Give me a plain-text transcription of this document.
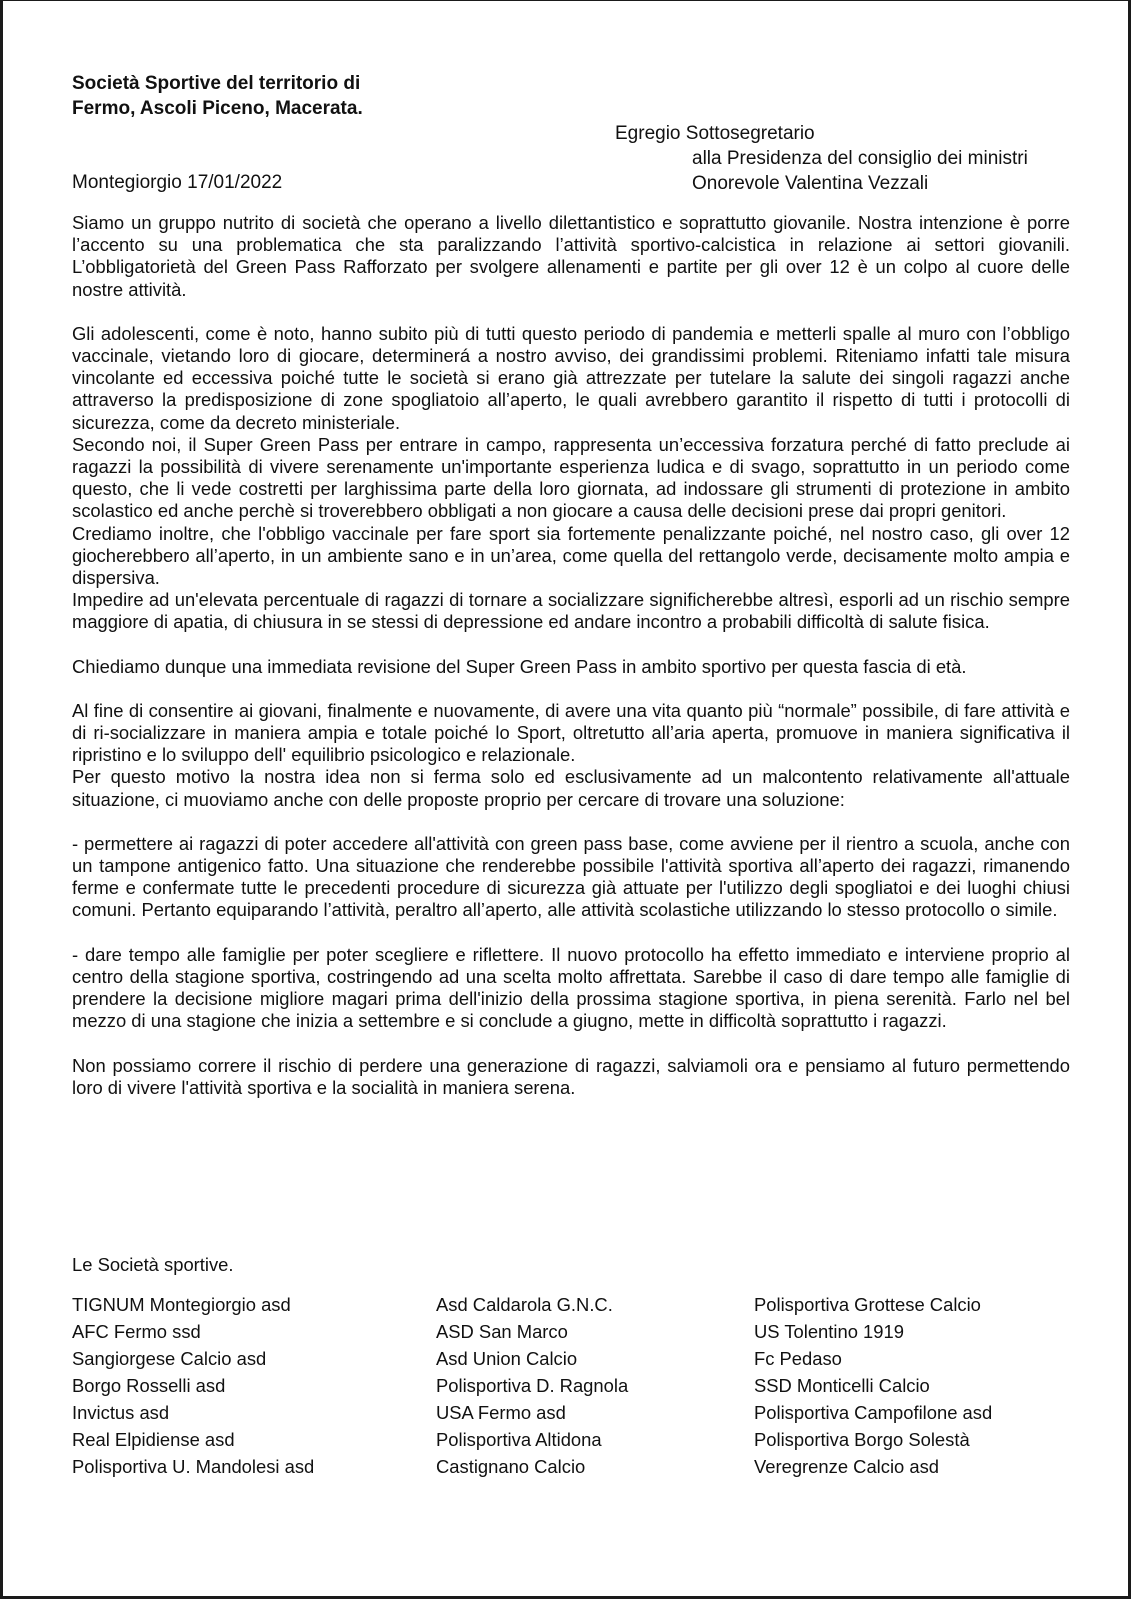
Società Sportive del territorio di
Fermo, Ascoli Piceno, Macerata.
Egregio Sottosegretario
alla Presidenza del consiglio dei ministri
Onorevole Valentina Vezzali
Montegiorgio 17/01/2022

Siamo un gruppo nutrito di società che operano a livello dilettantistico e soprattutto giovanile. Nostra intenzione è porre l’accento su una problematica che sta paralizzando l’attività sportivo-calcistica in relazione ai settori giovanili. L’obbligatorietà del Green Pass Rafforzato per svolgere allenamenti e partite per gli over 12 è un colpo al cuore delle nostre attività.

Gli adolescenti, come è noto, hanno subito più di tutti questo periodo di pandemia e metterli spalle al muro con l’obbligo vaccinale, vietando loro di giocare, determinerá a nostro avviso, dei grandissimi problemi. Riteniamo infatti tale misura vincolante ed eccessiva poiché tutte le società si erano già attrezzate per tutelare la salute dei singoli ragazzi anche attraverso la predisposizione di zone spogliatoio all’aperto, le quali avrebbero garantito il rispetto di tutti i protocolli di sicurezza, come da decreto ministeriale.

Secondo noi, il Super Green Pass per entrare in campo, rappresenta un’eccessiva forzatura perché di fatto preclude ai ragazzi la possibilità di vivere serenamente un'importante esperienza ludica e di svago, soprattutto in un periodo come questo, che li vede costretti per larghissima parte della loro giornata, ad indossare gli strumenti di protezione in ambito scolastico ed anche perchè si troverebbero obbligati a non giocare a causa delle decisioni prese dai propri genitori.

Crediamo inoltre, che l'obbligo vaccinale per fare sport sia fortemente penalizzante poiché, nel nostro caso, gli over 12 giocherebbero all’aperto, in un ambiente sano e in un’area, come quella del rettangolo verde, decisamente molto ampia e dispersiva.

Impedire ad un'elevata percentuale di ragazzi di tornare a socializzare significherebbe altresì, esporli ad un rischio sempre maggiore di apatia, di chiusura in se stessi di depressione ed andare incontro a probabili difficoltà di salute fisica.

Chiediamo dunque una immediata revisione del Super Green Pass in ambito sportivo per questa fascia di età.

Al fine di consentire ai giovani, finalmente e nuovamente, di avere una vita quanto più “normale” possibile, di fare attività e di ri-socializzare in maniera ampia e totale poiché lo Sport, oltretutto all’aria aperta, promuove in maniera significativa il ripristino e lo sviluppo dell' equilibrio psicologico e relazionale.

Per questo motivo la nostra idea non si ferma solo ed esclusivamente ad un malcontento relativamente all'attuale situazione, ci muoviamo anche con delle proposte proprio per cercare di trovare una soluzione:

- permettere ai ragazzi di poter accedere all'attività con green pass base, come avviene per il rientro a scuola, anche con un tampone antigenico fatto. Una situazione che renderebbe possibile l'attività sportiva all’aperto dei ragazzi, rimanendo ferme e confermate tutte le precedenti procedure di sicurezza già attuate per l'utilizzo degli spogliatoi e dei luoghi chiusi comuni. Pertanto equiparando l’attività, peraltro all’aperto, alle attività scolastiche utilizzando lo stesso protocollo o simile.

- dare tempo alle famiglie per poter scegliere e riflettere. Il nuovo protocollo ha effetto immediato e interviene proprio al centro della stagione sportiva, costringendo ad una scelta molto affrettata. Sarebbe il caso di dare tempo alle famiglie di prendere la decisione migliore magari prima dell'inizio della prossima stagione sportiva, in piena serenità. Farlo nel bel mezzo di una stagione che inizia a settembre e si conclude a giugno, mette in difficoltà soprattutto i ragazzi.

Non possiamo correre il rischio di perdere una generazione di ragazzi, salviamoli ora e pensiamo al futuro permettendo loro di vivere l'attività sportiva e la socialità in maniera serena.

Le Società sportive.
TIGNUM Montegiorgio asd
AFC Fermo ssd
Sangiorgese Calcio asd
Borgo Rosselli asd
Invictus asd
Real Elpidiense asd
Polisportiva U. Mandolesi asd
Asd Caldarola G.N.C.
ASD San Marco
Asd Union Calcio
Polisportiva D. Ragnola
USA Fermo asd
Polisportiva Altidona
Castignano Calcio
Polisportiva Grottese Calcio
US Tolentino 1919
Fc Pedaso
SSD Monticelli Calcio
Polisportiva Campofilone asd
Polisportiva Borgo Solestà
Veregrenze Calcio asd
